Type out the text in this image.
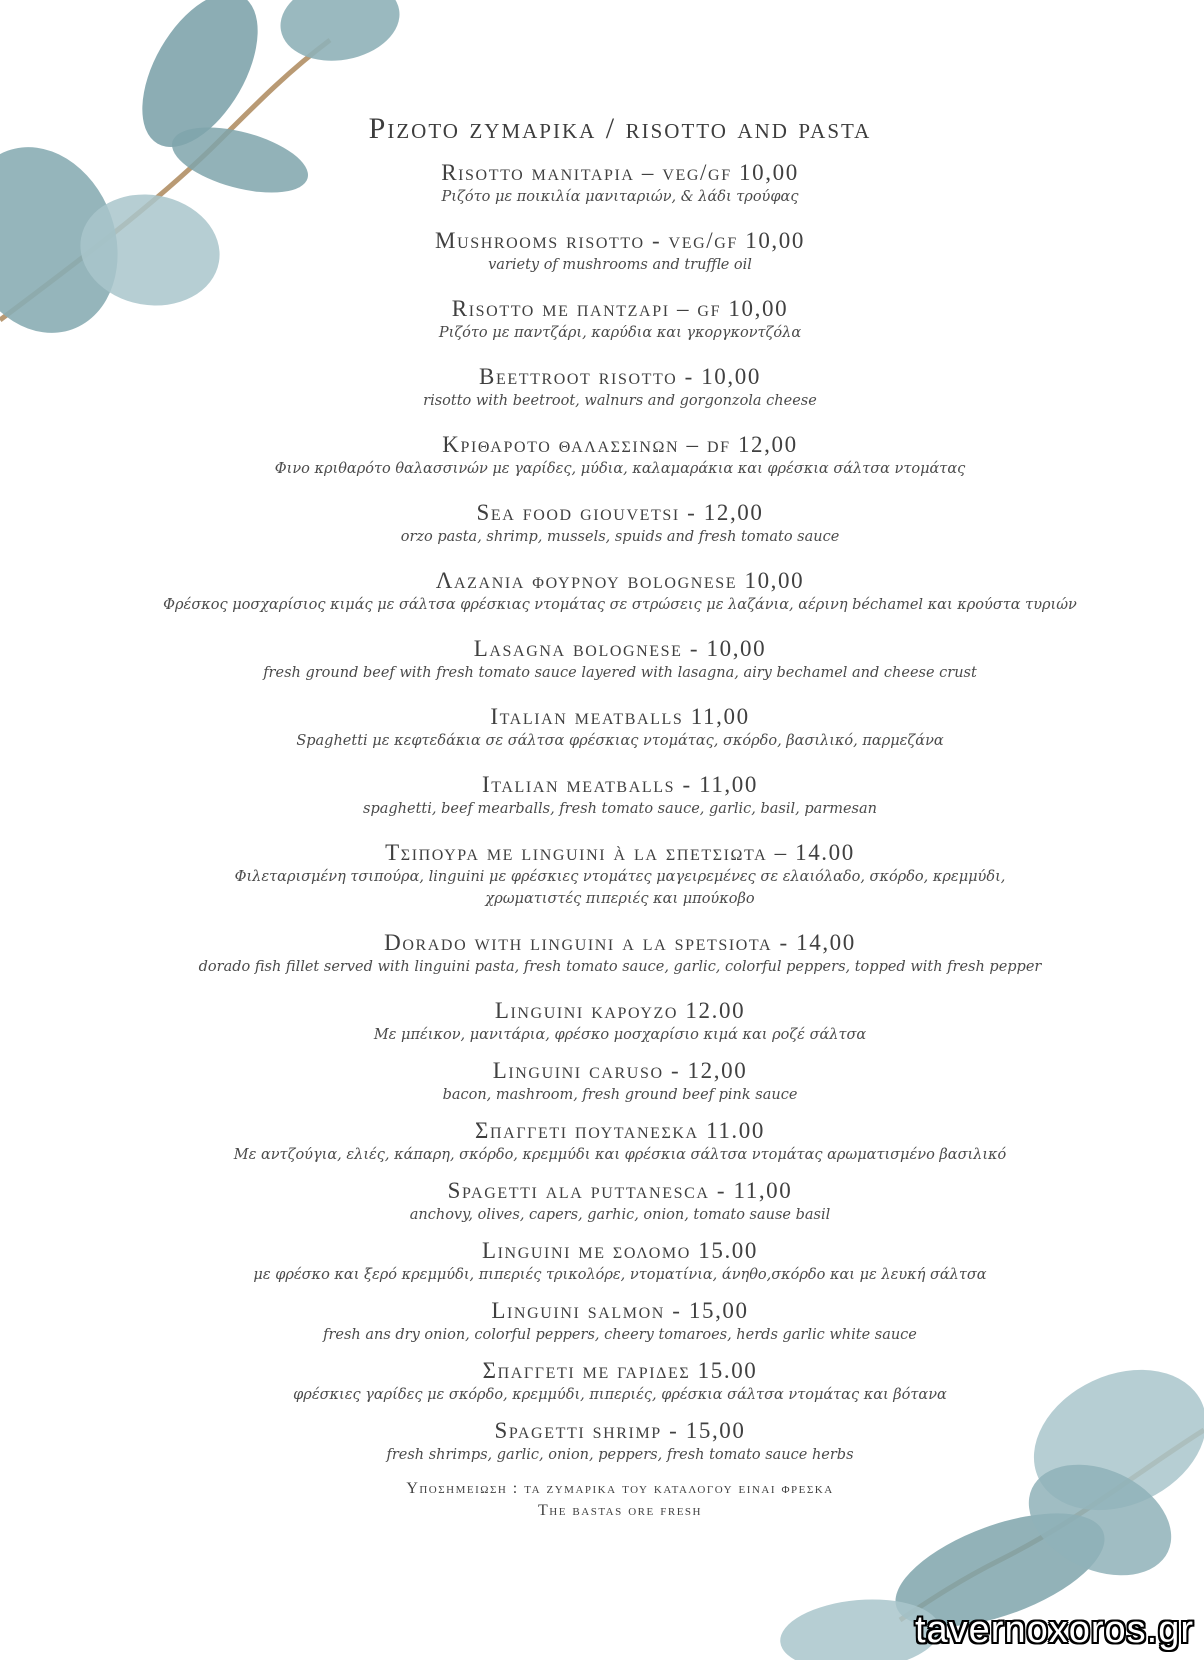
Pizoto zymapika / risotto and pasta
Risotto manitapia – veg/gf 10,00
Ριζότο με ποικιλία μανιταριών, & λάδι τρούφας
Mushrooms risotto - veg/gf 10,00
variety of mushrooms and truffle oil
Risotto με παντζαρι – gf 10,00
Ριζότο με παντζάρι, καρύδια και γκοργκοντζόλα
Beettroot risotto - 10,00
risotto with beetroot, walnurs and gorgonzola cheese
Κριθαροτο θαλασσινων – df 12,00
Φινο κριθαρότο θαλασσινών με γαρίδες, μύδια, καλαμαράκια και φρέσκια σάλτσα ντομάτας
Sea food giouvetsi - 12,00
orzo pasta, shrimp, mussels, spuids and fresh tomato sauce
Λαζανια φουρνου bolognese 10,00
Φρέσκος μοσχαρίσιος κιμάς με σάλτσα φρέσκιας ντομάτας σε στρώσεις με λαζάνια, αέρινη béchamel και κρούστα τυριών
Lasagna bolognese - 10,00
fresh ground beef with fresh tomato sauce layered with lasagna, airy bechamel and cheese crust
Italian meatballs 11,00
Spaghetti με κεφτεδάκια σε σάλτσα φρέσκιας ντομάτας, σκόρδο, βασιλικό, παρμεζάνα
Italian meatballs - 11,00
spaghetti, beef mearballs, fresh tomato sauce, garlic, basil, parmesan
Τσιπουρα με linguini à la σπετσιωτα – 14.00
Φιλεταρισμένη τσιπούρα, linguini με φρέσκιες ντομάτες μαγειρεμένες σε ελαιόλαδο, σκόρδο, κρεμμύδι,
χρωματιστές πιπεριές και μπούκοβο
Dorado with linguini a la spetsiota - 14,00
dorado fish fillet served with linguini pasta, fresh tomato sauce, garlic, colorful peppers, topped with fresh pepper
Linguini καρουζο 12.00
Με μπέικον, μανιτάρια, φρέσκο μοσχαρίσιο κιμά και ροζέ σάλτσα
Linguini caruso - 12,00
bacon, mashroom, fresh ground beef pink sauce
Σπαγγετι πουτανεσκα 11.00
Με αντζούγια, ελιές, κάπαρη, σκόρδο, κρεμμύδι και φρέσκια σάλτσα ντομάτας αρωματισμένο βασιλικό
Spagetti ala puttanesca - 11,00
anchovy, olives, capers, garhic, onion, tomato sause basil
Linguini με σολομο 15.00
με φρέσκο και ξερό κρεμμύδι, πιπεριές τρικολόρε, ντοματίνια, άνηθο,σκόρδο και με λευκή σάλτσα
Linguini salmon - 15,00
fresh ans dry onion, colorful peppers, cheery tomaroes, herds garlic white sauce
Σπαγγετι με γαριδες 15.00
φρέσκιες γαρίδες με σκόρδο, κρεμμύδι, πιπεριές, φρέσκια σάλτσα ντομάτας και βότανα
Spagetti shrimp - 15,00
fresh shrimps, garlic, onion, peppers, fresh tomato sauce herbs
Υποσημειωση : τα ζυμαρικα του καταλογου ειναι φρεσκα
The bastas ore fresh
tavernoxoros.gr
